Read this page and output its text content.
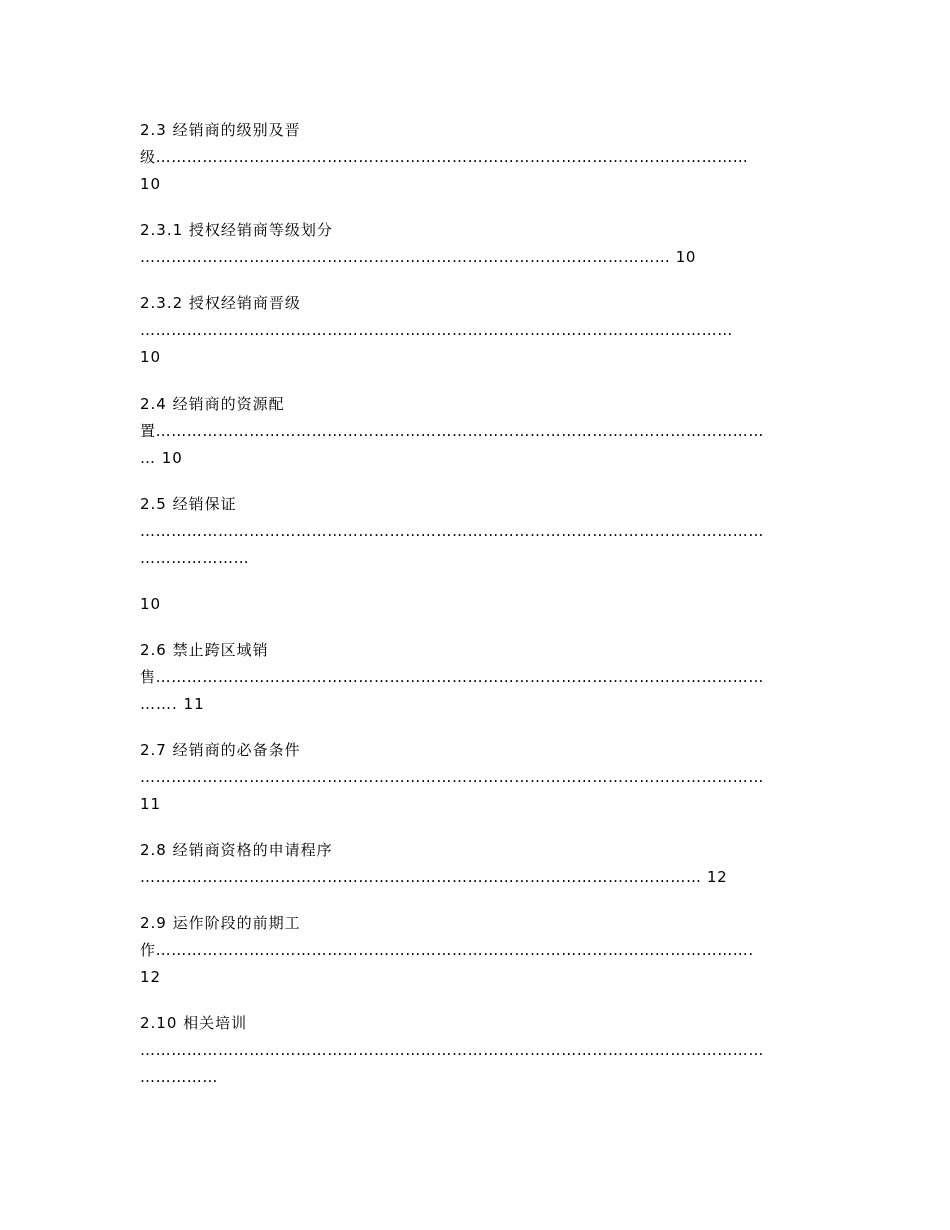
2.3 经销商的级别及晋
级……………………………………………………………………………………………………
10
2.3.1 授权经销商等级划分
………………………………………………………………………………………… 10
2.3.2 授权经销商晋级
……………………………………………………………………………………………………
10
2.4 经销商的资源配
置………………………………………………………………………………………………………
… 10
2.5 经销保证
…………………………………………………………………………………………………………
…………………
10
2.6 禁止跨区域销
售………………………………………………………………………………………………………
……. 11
2.7 经销商的必备条件
…………………………………………………………………………………………………………
11
2.8 经销商资格的申请程序
……………………………………………………………………………………………… 12
2.9 运作阶段的前期工
作…………………………………………………………………………………………………….
12
2.10 相关培训
…………………………………………………………………………………………………………
……………
